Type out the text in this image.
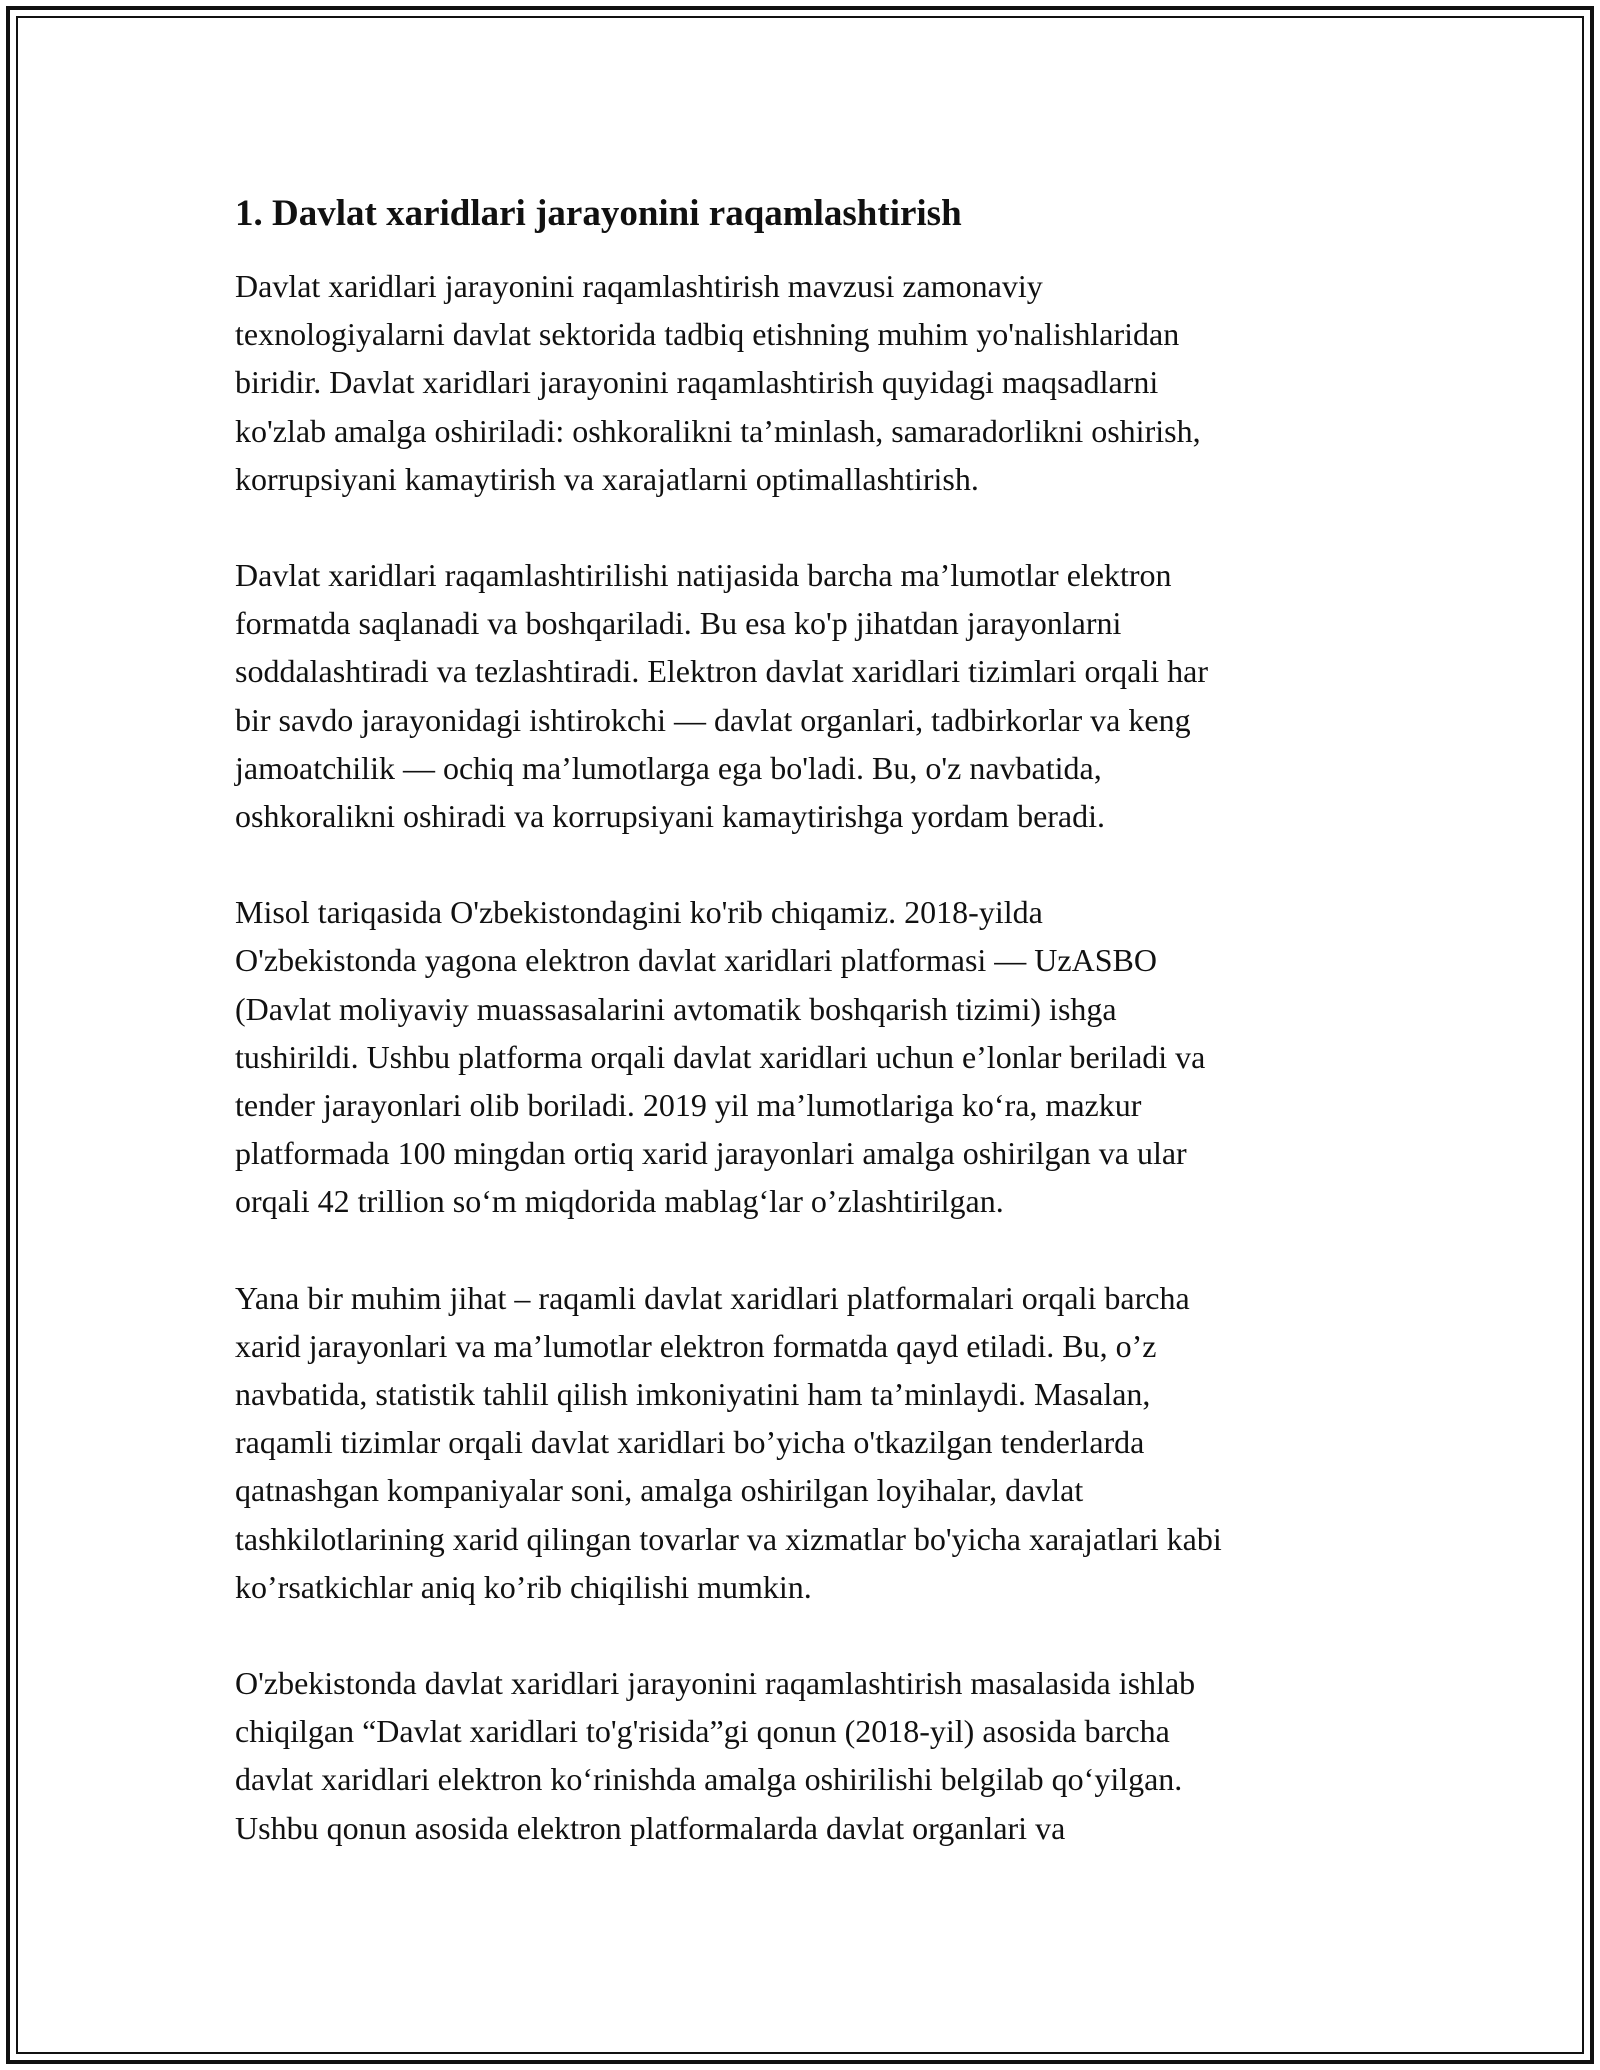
1. Davlat xaridlari jarayonini raqamlashtirish

Davlat xaridlari jarayonini raqamlashtirish mavzusi zamonaviy
texnologiyalarni davlat sektorida tadbiq etishning muhim yo'nalishlaridan
biridir. Davlat xaridlari jarayonini raqamlashtirish quyidagi maqsadlarni
ko'zlab amalga oshiriladi: oshkoralikni ta’minlash, samaradorlikni oshirish,
korrupsiyani kamaytirish va xarajatlarni optimallashtirish.

Davlat xaridlari raqamlashtirilishi natijasida barcha ma’lumotlar elektron
formatda saqlanadi va boshqariladi. Bu esa ko'p jihatdan jarayonlarni
soddalashtiradi va tezlashtiradi. Elektron davlat xaridlari tizimlari orqali har
bir savdo jarayonidagi ishtirokchi — davlat organlari, tadbirkorlar va keng
jamoatchilik — ochiq ma’lumotlarga ega bo'ladi. Bu, o'z navbatida,
oshkoralikni oshiradi va korrupsiyani kamaytirishga yordam beradi.

Misol tariqasida O'zbekistondagini ko'rib chiqamiz. 2018-yilda
O'zbekistonda yagona elektron davlat xaridlari platformasi — UzASBO
(Davlat moliyaviy muassasalarini avtomatik boshqarish tizimi) ishga
tushirildi. Ushbu platforma orqali davlat xaridlari uchun e’lonlar beriladi va
tender jarayonlari olib boriladi. 2019 yil ma’lumotlariga ko‘ra, mazkur
platformada 100 mingdan ortiq xarid jarayonlari amalga oshirilgan va ular
orqali 42 trillion so‘m miqdorida mablag‘lar o’zlashtirilgan.

Yana bir muhim jihat – raqamli davlat xaridlari platformalari orqali barcha
xarid jarayonlari va ma’lumotlar elektron formatda qayd etiladi. Bu, o’z
navbatida, statistik tahlil qilish imkoniyatini ham ta’minlaydi. Masalan,
raqamli tizimlar orqali davlat xaridlari bo’yicha o'tkazilgan tenderlarda
qatnashgan kompaniyalar soni, amalga oshirilgan loyihalar, davlat
tashkilotlarining xarid qilingan tovarlar va xizmatlar bo'yicha xarajatlari kabi
ko’rsatkichlar aniq ko’rib chiqilishi mumkin.

O'zbekistonda davlat xaridlari jarayonini raqamlashtirish masalasida ishlab
chiqilgan “Davlat xaridlari to'g'risida”gi qonun (2018-yil) asosida barcha
davlat xaridlari elektron ko‘rinishda amalga oshirilishi belgilab qo‘yilgan.
Ushbu qonun asosida elektron platformalarda davlat organlari va
